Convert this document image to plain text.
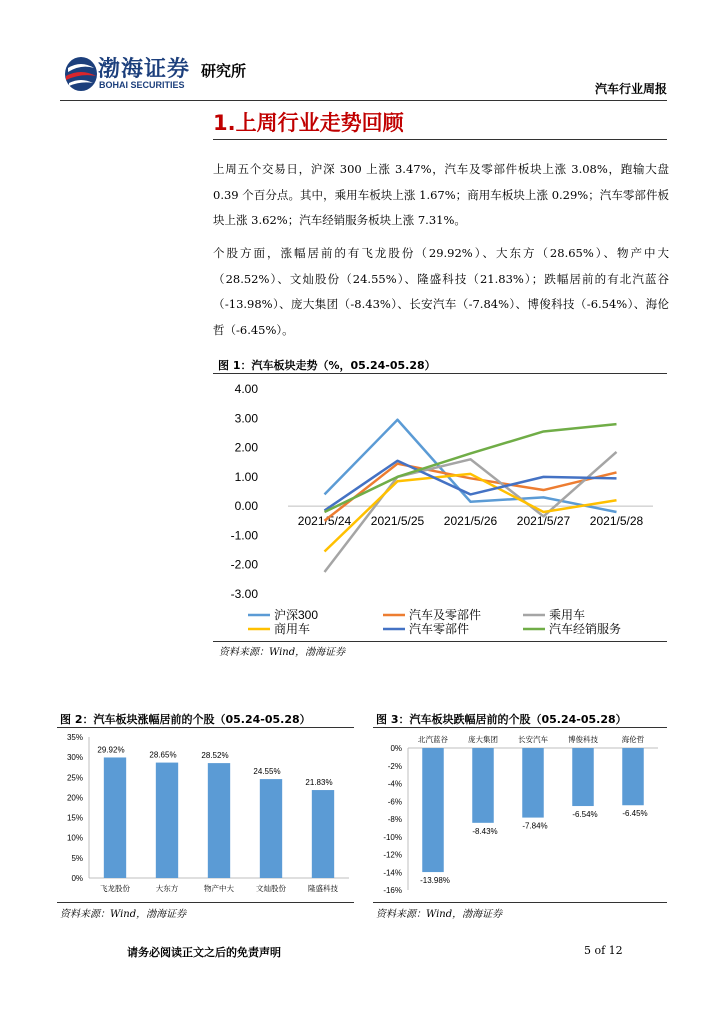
渤海证券
BOHAI SECURITIES
研究所
汽车行业周报
1.上周行业走势回顾
上周五个交易日，沪深 300 上涨 3.47%，汽车及零部件板块上涨 3.08%，跑输大盘 0.39 个百分点。其中，乘用车板块上涨 1.67%；商用车板块上涨 0.29%；汽车零部件板块上涨 3.62%；汽车经销服务板块上涨 7.31%。
个股方面，涨幅居前的有飞龙股份（29.92%）、大东方（28.65%）、物产中大（28.52%）、文灿股份（24.55%）、隆盛科技（21.83%）；跌幅居前的有北汽蓝谷（-13.98%）、庞大集团（-8.43%）、长安汽车（-7.84%）、博俊科技（-6.54%）、海伦哲（-6.45%）。
图 1：汽车板块走势（%，05.24-05.28）
4.00
3.00
2.00
1.00
0.00
-1.00
-2.00
-3.00
2021/5/24 2021/5/25 2021/5/26 2021/5/27 2021/5/28
沪深300	汽车及零部件	乘用车
商用车	汽车零部件	汽车经销服务
资料来源：Wind，渤海证券
图 2：汽车板块涨幅居前的个股（05.24-05.28）
35%
30%
25%
20%
15%
10%
5%
0%
29.92%
飞龙股份
28.65%
大东方
28.52%
物产中大
24.55%
文灿股份
21.83%
隆盛科技
资料来源：Wind，渤海证券
图 3：汽车板块跌幅居前的个股（05.24-05.28）
0%
-2%
-4%
-6%
-8%
-10%
-12%
-14%
-16%
-13.98%
北汽蓝谷
-8.43%
庞大集团
-7.84%
长安汽车
-6.54%
博俊科技
-6.45%
海伦哲
资料来源：Wind，渤海证券
请务必阅读正文之后的免责声明	5 of 12
